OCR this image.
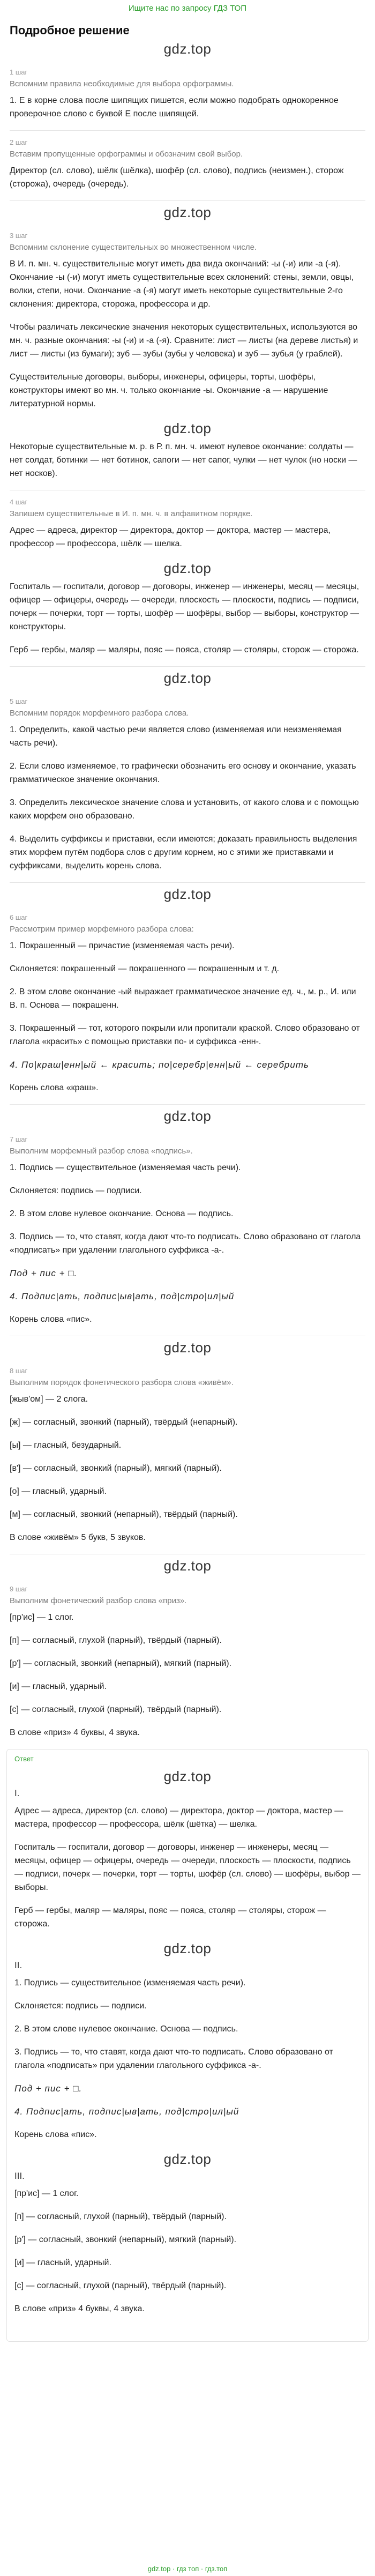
Ищите нас по запросу ГДЗ ТОП
Подробное решение
gdz.top
1 шаг
Вспомним правила необходимые для выбора орфограммы.

1. Е в корне слова после шипящих пишется, если можно подобрать однокоренное проверочное слово с буквой Е после шипящей.

2 шаг
Вставим пропущенные орфограммы и обозначим свой выбор.

Директор (сл. слово), шёлк (шёлка), шофёр (сл. слово), подпись (неизмен.), сторож (сторожа), очередь (очередь).

gdz.top
3 шаг
Вспомним склонение существительных во множественном числе.

В И. п. мн. ч. существительные могут иметь два вида окончаний: -ы (-и) или -а (-я). Окончание -ы (-и) могут иметь существительные всех склонений: стены, земли, овцы, волки, степи, ночи. Окончание -а (-я) могут иметь некоторые существительные 2-го склонения: директора, сторожа, профессора и др.

Чтобы различать лексические значения некоторых существительных, используются во мн. ч. разные окончания: -ы (-и) и -а (-я). Сравните: лист — листы (на дереве листья) и лист — листы (из бумаги); зуб — зубы (зубы у человека) и зуб — зубья (у граблей).

Существительные договоры, выборы, инженеры, офицеры, торты, шофёры, конструкторы имеют во мн. ч. только окончание -ы. Окончание -а — нарушение литературной нормы.

gdz.top

Некоторые существительные м. р. в Р. п. мн. ч. имеют нулевое окончание: солдаты — нет солдат, ботинки — нет ботинок, сапоги — нет сапог, чулки — нет чулок (но носки — нет носков).

4 шаг
Запишем существительные в И. п. мн. ч. в алфавитном порядке.

Адрес — адреса, директор — директора, доктор — доктора, мастер — мастера, профессор — профессора, шёлк — шелка.

gdz.top

Госпиталь — госпитали, договор — договоры, инженер — инженеры, месяц — месяцы, офицер — офицеры, очередь — очереди, плоскость — плоскости, подпись — подписи, почерк — почерки, торт — торты, шофёр — шофёры, выбор — выборы, конструктор — конструкторы.

Герб — гербы, маляр — маляры, пояс — пояса, столяр — столяры, сторож — сторожа.

gdz.top
5 шаг
Вспомним порядок морфемного разбора слова.

1. Определить, какой частью речи является слово (изменяемая или неизменяемая часть речи).

2. Если слово изменяемое, то графически обозначить его основу и окончание, указать грамматическое значение окончания.

3. Определить лексическое значение слова и установить, от какого слова и с помощью каких морфем оно образовано.

4. Выделить суффиксы и приставки, если имеются; доказать правильность выделения этих морфем путём подбора слов с другим корнем, но с этими же приставками и суффиксами, выделить корень слова.

gdz.top
6 шаг
Рассмотрим пример морфемного разбора слова:

1. Покрашенный — причастие (изменяемая часть речи).

Склоняется: покрашенный — покрашенного — покрашенным и т. д.

2. В этом слове окончание -ый выражает грамматическое значение ед. ч., м. р., И. или В. п. Основа — покрашенн.

3. Покрашенный — тот, которого покрыли или пропитали краской. Слово образовано от глагола «красить» с помощью приставки по- и суффикса -енн-.

4. По|краш|енн|ый ← красить; по|серебр|енн|ый ← серебрить

Корень слова «краш».

gdz.top
7 шаг
Выполним морфемный разбор слова «подпись».

1. Подпись — существительное (изменяемая часть речи).

Склоняется: подпись — подписи.

2. В этом слове нулевое окончание. Основа — подпись.

3. Подпись — то, что ставят, когда дают что-то подписать. Слово образовано от глагола «подписать» при удалении глагольного суффикса -а-.

Под + пис + □.

4. Подпис|ать, подпис|ыв|ать, под|стро|ил|ый

Корень слова «пис».

gdz.top
8 шаг
Выполним порядок фонетического разбора слова «живём».

[жыв'ом] — 2 слога.

[ж] — согласный, звонкий (парный), твёрдый (непарный).

[ы] — гласный, безударный.

[в'] — согласный, звонкий (парный), мягкий (парный).

[о] — гласный, ударный.

[м] — согласный, звонкий (непарный), твёрдый (парный).

В слове «живём» 5 букв, 5 звуков.

gdz.top
9 шаг
Выполним фонетический разбор слова «приз».

[пр'ис] — 1 слог.

[п] — согласный, глухой (парный), твёрдый (парный).

[р'] — согласный, звонкий (непарный), мягкий (парный).

[и] — гласный, ударный.

[с] — согласный, глухой (парный), твёрдый (парный).

В слове «приз» 4 буквы, 4 звука.

Ответ
gdz.top
I.

Адрес — адреса, директор (сл. слово) — директора, доктор — доктора, мастер — мастера, профессор — профессора, шёлк (шётка) — шелка.

Госпиталь — госпитали, договор — договоры, инженер — инженеры, месяц — месяцы, офицер — офицеры, очередь — очереди, плоскость — плоскости, подпись — подписи, почерк — почерки, торт — торты, шофёр (сл. слово) — шофёры, выбор — выборы.

Герб — гербы, маляр — маляры, пояс — пояса, столяр — столяры, сторож — сторожа.

gdz.top
II.

1. Подпись — существительное (изменяемая часть речи).

Склоняется: подпись — подписи.

2. В этом слове нулевое окончание. Основа — подпись.

3. Подпись — то, что ставят, когда дают что-то подписать. Слово образовано от глагола «подписать» при удалении глагольного суффикса -а-.

Под + пис + □.

4. Подпис|ать, подпис|ыв|ать, под|стро|ил|ый

Корень слова «пис».

gdz.top
III.

[пр'ис] — 1 слог.

[п] — согласный, глухой (парный), твёрдый (парный).

[р'] — согласный, звонкий (непарный), мягкий (парный).

[и] — гласный, ударный.

[с] — согласный, глухой (парный), твёрдый (парный).

В слове «приз» 4 буквы, 4 звука.

gdz.top · гдз топ · гдз.топ
